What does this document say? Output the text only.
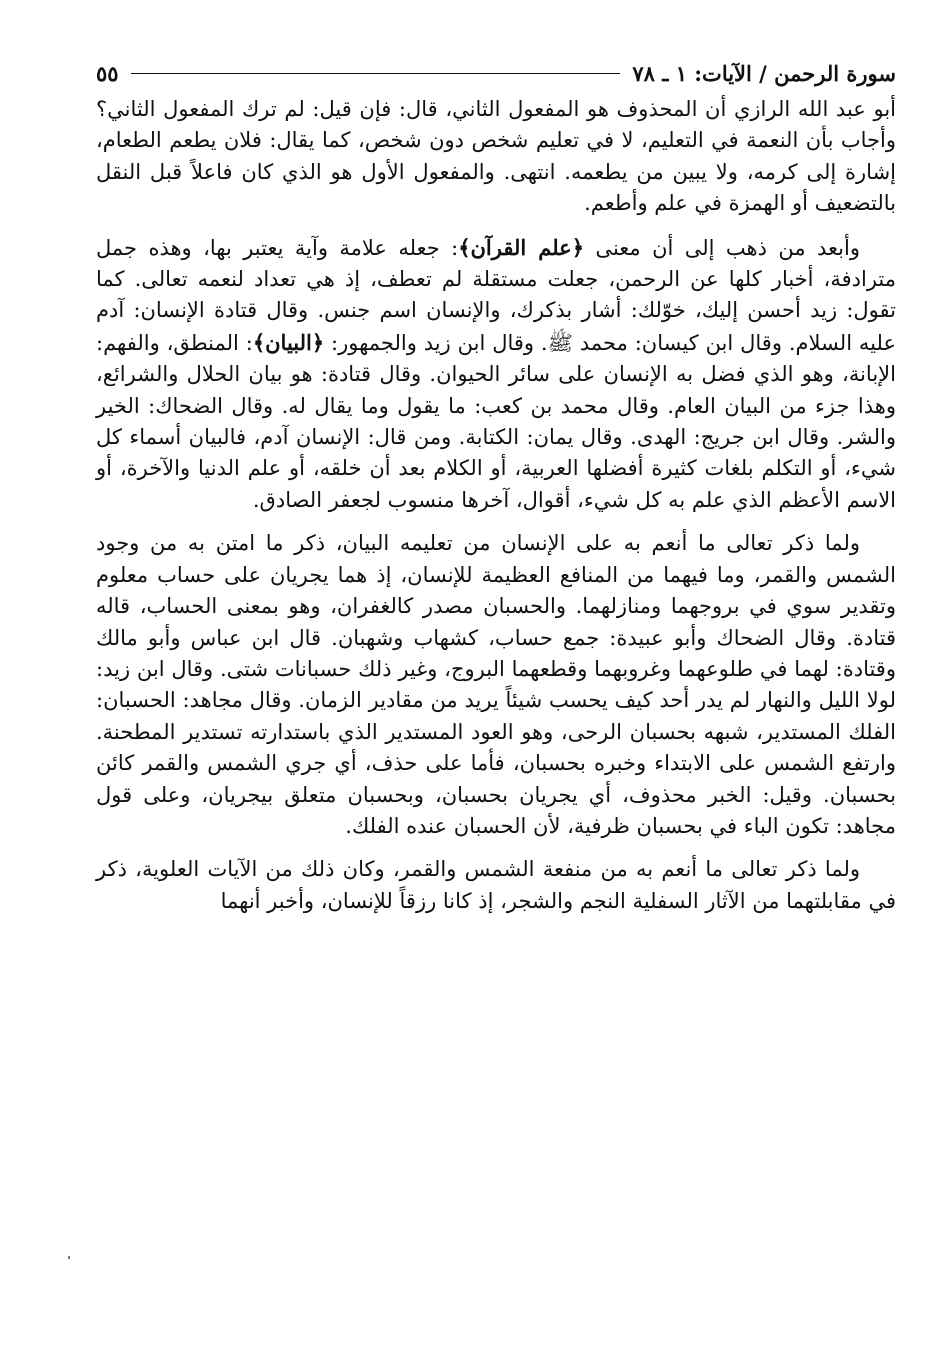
سورة الرحمن / الآيات: ١ ـ ٧٨
٥٥

أبو عبد الله الرازي أن المحذوف هو المفعول الثاني، قال: فإن قيل: لم ترك المفعول الثاني؟ وأجاب بأن النعمة في التعليم، لا في تعليم شخص دون شخص، كما يقال: فلان يطعم الطعام، إشارة إلى كرمه، ولا يبين من يطعمه. انتهى. والمفعول الأول هو الذي كان فاعلاً قبل النقل بالتضعيف أو الهمزة في علم وأطعم.

وأبعد من ذهب إلى أن معنى ﴿علم القرآن﴾: جعله علامة وآية يعتبر بها، وهذه جمل مترادفة، أخبار كلها عن الرحمن، جعلت مستقلة لم تعطف، إذ هي تعداد لنعمه تعالى. كما تقول: زيد أحسن إليك، خوّلك: أشار بذكرك، والإنسان اسم جنس. وقال قتادة الإنسان: آدم عليه السلام. وقال ابن كيسان: محمد ﷺ. وقال ابن زيد والجمهور: ﴿البيان﴾: المنطق، والفهم: الإبانة، وهو الذي فضل به الإنسان على سائر الحيوان. وقال قتادة: هو بيان الحلال والشرائع، وهذا جزء من البيان العام. وقال محمد بن كعب: ما يقول وما يقال له. وقال الضحاك: الخير والشر. وقال ابن جريج: الهدى. وقال يمان: الكتابة. ومن قال: الإنسان آدم، فالبيان أسماء كل شيء، أو التكلم بلغات كثيرة أفضلها العربية، أو الكلام بعد أن خلقه، أو علم الدنيا والآخرة، أو الاسم الأعظم الذي علم به كل شيء، أقوال، آخرها منسوب لجعفر الصادق.

ولما ذكر تعالى ما أنعم به على الإنسان من تعليمه البيان، ذكر ما امتن به من وجود الشمس والقمر، وما فيهما من المنافع العظيمة للإنسان، إذ هما يجريان على حساب معلوم وتقدير سوي في بروجهما ومنازلهما. والحسبان مصدر كالغفران، وهو بمعنى الحساب، قاله قتادة. وقال الضحاك وأبو عبيدة: جمع حساب، كشهاب وشهبان. قال ابن عباس وأبو مالك وقتادة: لهما في طلوعهما وغروبهما وقطعهما البروج، وغير ذلك حسبانات شتى. وقال ابن زيد: لولا الليل والنهار لم يدر أحد كيف يحسب شيئاً يريد من مقادير الزمان. وقال مجاهد: الحسبان: الفلك المستدير، شبهه بحسبان الرحى، وهو العود المستدير الذي باستدارته تستدير المطحنة. وارتفع الشمس على الابتداء وخبره بحسبان، فأما على حذف، أي جري الشمس والقمر كائن بحسبان. وقيل: الخبر محذوف، أي يجريان بحسبان، وبحسبان متعلق بيجريان، وعلى قول مجاهد: تكون الباء في بحسبان ظرفية، لأن الحسبان عنده الفلك.

ولما ذكر تعالى ما أنعم به من منفعة الشمس والقمر، وكان ذلك من الآيات العلوية، ذكر في مقابلتهما من الآثار السفلية النجم والشجر، إذ كانا رزقاً للإنسان، وأخبر أنهما
